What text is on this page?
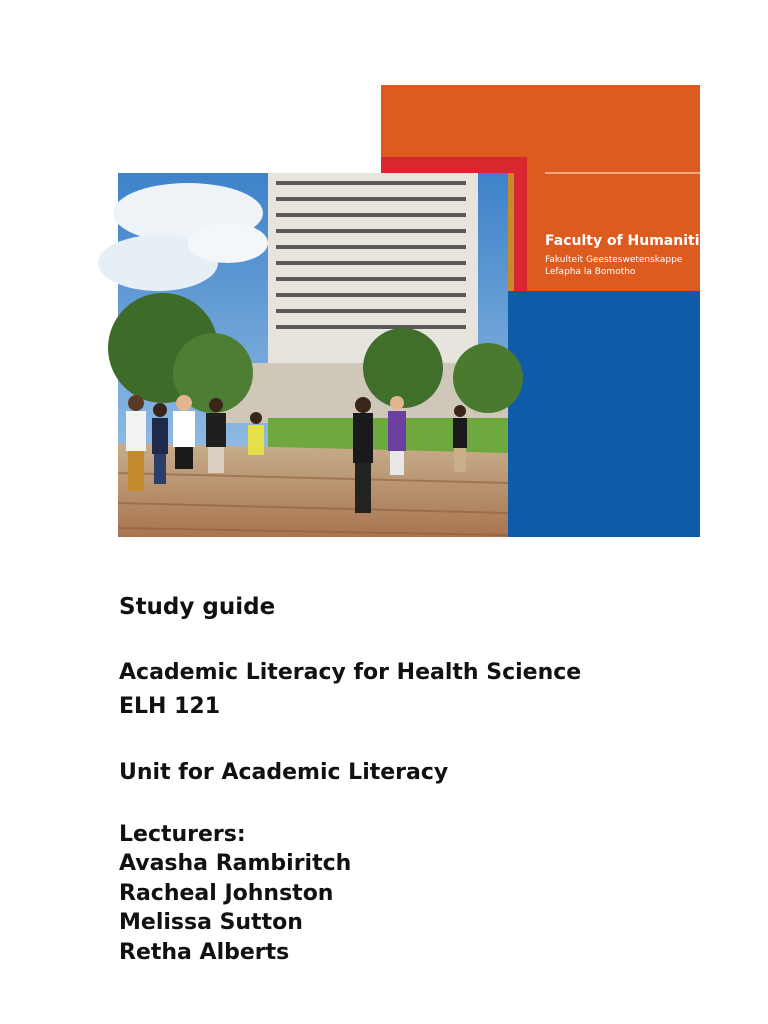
Faculty of Humanities
Fakulteit Geesteswetenskappe
Lefapha la Bomotho
Study guide
Academic Literacy for Health Science
ELH 121
Unit for Academic Literacy
Lecturers:
Avasha Rambiritch
Racheal Johnston
Melissa Sutton
Retha Alberts
